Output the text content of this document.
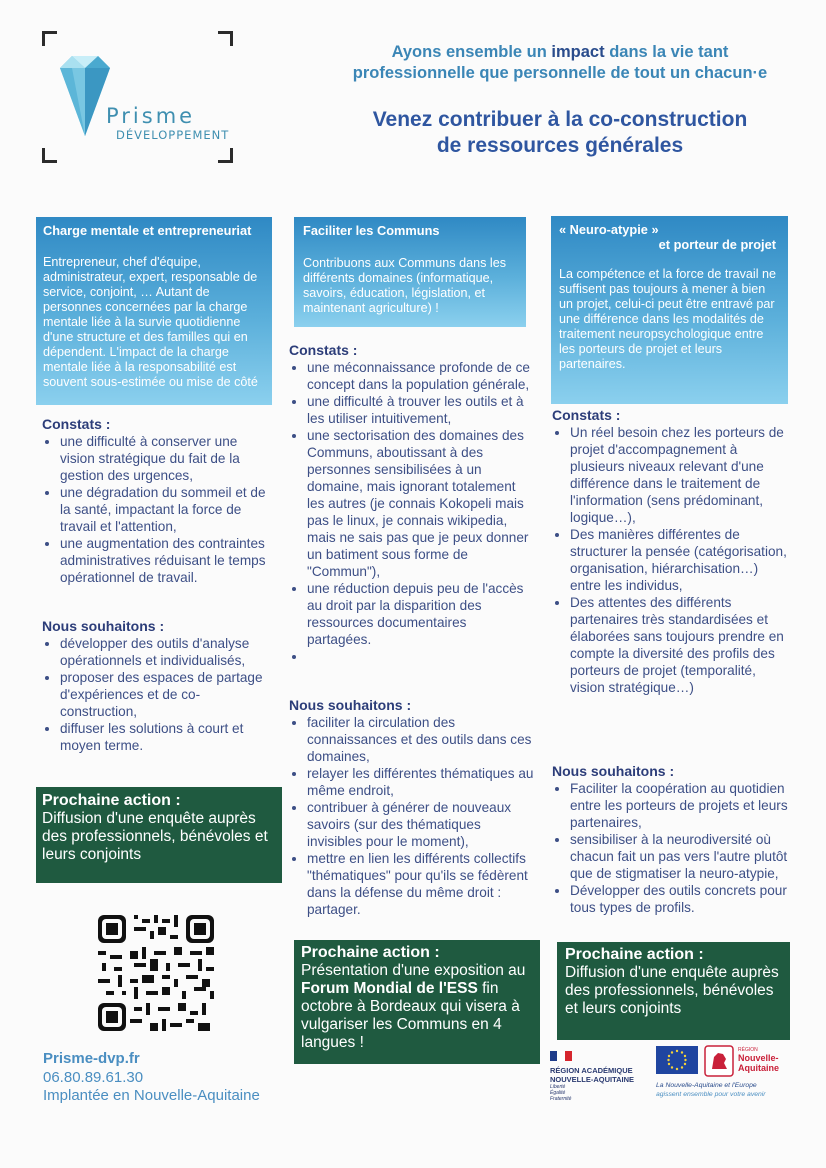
Prisme
DÉVELOPPEMENT
Ayons ensemble un impact dans la vie tant
professionnelle que personnelle de tout un chacun·e
Venez contribuer à la co-construction
de ressources générales
Charge mentale et entrepreneuriat
Entrepreneur, chef d'équipe, administrateur, expert, responsable de service, conjoint, … Autant de personnes concernées par la charge mentale liée à la survie quotidienne d'une structure et des familles qui en dépendent. L'impact de la charge mentale liée à la responsabilité est souvent sous-estimée ou mise de côté
Constats :
• une difficulté à conserver une vision stratégique du fait de la gestion des urgences,
• une dégradation du sommeil et de la santé, impactant la force de travail et l'attention,
• une augmentation des contraintes administratives réduisant le temps opérationnel de travail.
Nous souhaitons :
• développer des outils d'analyse opérationnels et individualisés,
• proposer des espaces de partage d'expériences et de co-construction,
• diffuser les solutions à court et moyen terme.
Prochaine action :
Diffusion d'une enquête auprès des professionnels, bénévoles et leurs conjoints
Prisme-dvp.fr
06.80.89.61.30
Implantée en Nouvelle-Aquitaine
Faciliter les Communs
Contribuons aux Communs dans les différents domaines (informatique, savoirs, éducation, législation, et maintenant agriculture) !
Constats :
• une méconnaissance profonde de ce concept dans la population générale,
• une difficulté à trouver les outils et à les utiliser intuitivement,
• une sectorisation des domaines des Communs, aboutissant à des personnes sensibilisées à un domaine, mais ignorant totalement les autres (je connais Kokopeli mais pas le linux, je connais wikipedia, mais ne sais pas que je peux donner un batiment sous forme de "Commun"),
• une réduction depuis peu de l'accès au droit par la disparition des ressources documentaires partagées.
•
Nous souhaitons :
• faciliter la circulation des connaissances et des outils dans ces domaines,
• relayer les différentes thématiques au même endroit,
• contribuer à générer de nouveaux savoirs (sur des thématiques invisibles pour le moment),
• mettre en lien les différents collectifs "thématiques" pour qu'ils se fédèrent dans la défense du même droit : partager.
Prochaine action :
Présentation d'une exposition au Forum Mondial de l'ESS fin octobre à Bordeaux qui visera à vulgariser les Communs en 4 langues !
« Neuro-atypie »
et porteur de projet
La compétence et la force de travail ne suffisent pas toujours à mener à bien un projet, celui-ci peut être entravé par une différence dans les modalités de traitement neuropsychologique entre les porteurs de projet et leurs partenaires.
Constats :
• Un réel besoin chez les porteurs de projet d'accompagnement à plusieurs niveaux relevant d'une différence dans le traitement de l'information (sens prédominant, logique…),
• Des manières différentes de structurer la pensée (catégorisation, organisation, hiérarchisation…) entre les individus,
• Des attentes des différents partenaires très standardisées et élaborées sans toujours prendre en compte la diversité des profils des porteurs de projet (temporalité, vision stratégique…)
Nous souhaitons :
• Faciliter la coopération au quotidien entre les porteurs de projets et leurs partenaires,
• sensibiliser à la neurodiversité où chacun fait un pas vers l'autre plutôt que de stigmatiser la neuro-atypie,
• Développer des outils concrets pour tous types de profils.
Prochaine action :
Diffusion d'une enquête auprès des professionnels, bénévoles et leurs conjoints
RÉGION ACADÉMIQUE
NOUVELLE-AQUITAINE
Liberté Égalité Fraternité
RÉGION
Nouvelle-
Aquitaine
La Nouvelle-Aquitaine et l'Europe
agissent ensemble pour votre avenir
